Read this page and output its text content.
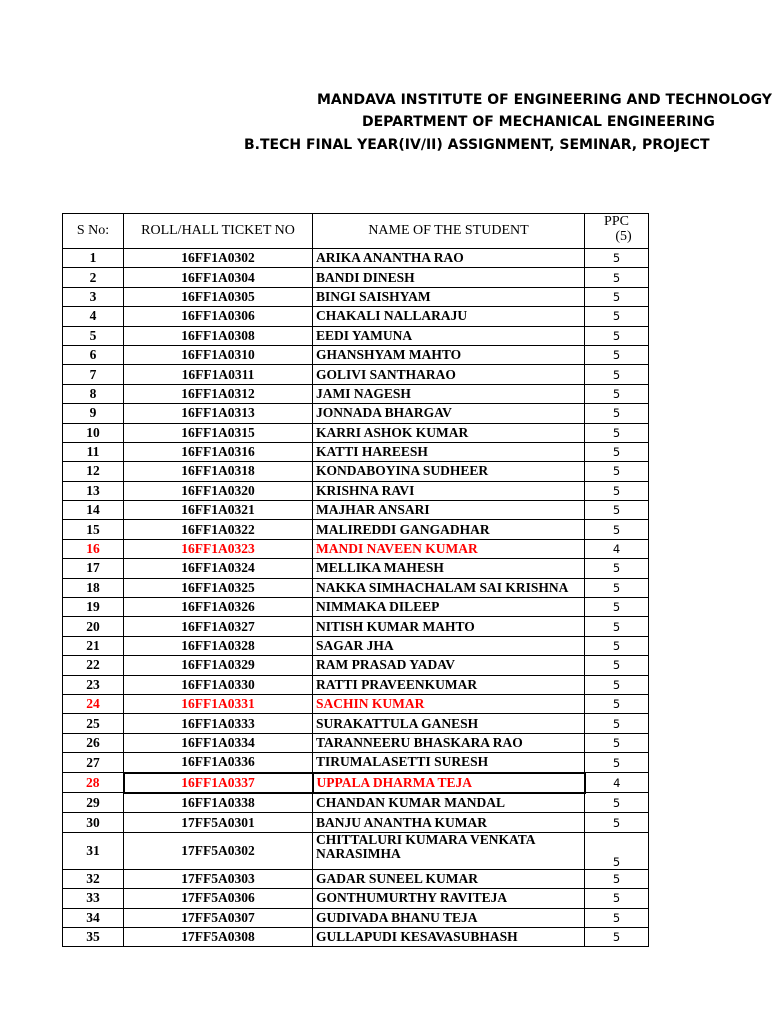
MANDAVA INSTITUTE OF ENGINEERING AND TECHNOLOGY
DEPARTMENT OF MECHANICAL ENGINEERING
B.TECH FINAL YEAR(IV/II) ASSIGNMENT, SEMINAR, PROJECT
S No:	ROLL/HALL TICKET NO	NAME OF THE STUDENT	PPC
(5)
1	16FF1A0302	ARIKA ANANTHA RAO	5
2	16FF1A0304	BANDI DINESH	5
3	16FF1A0305	BINGI SAISHYAM	5
4	16FF1A0306	CHAKALI NALLARAJU	5
5	16FF1A0308	EEDI YAMUNA	5
6	16FF1A0310	GHANSHYAM MAHTO	5
7	16FF1A0311	GOLIVI SANTHARAO	5
8	16FF1A0312	JAMI NAGESH	5
9	16FF1A0313	JONNADA BHARGAV	5
10	16FF1A0315	KARRI ASHOK KUMAR	5
11	16FF1A0316	KATTI HAREESH	5
12	16FF1A0318	KONDABOYINA SUDHEER	5
13	16FF1A0320	KRISHNA RAVI	5
14	16FF1A0321	MAJHAR ANSARI	5
15	16FF1A0322	MALIREDDI GANGADHAR	5
16	16FF1A0323	MANDI NAVEEN KUMAR	4
17	16FF1A0324	MELLIKA MAHESH	5
18	16FF1A0325	NAKKA SIMHACHALAM SAI KRISHNA	5
19	16FF1A0326	NIMMAKA DILEEP	5
20	16FF1A0327	NITISH KUMAR MAHTO	5
21	16FF1A0328	SAGAR JHA	5
22	16FF1A0329	RAM PRASAD YADAV	5
23	16FF1A0330	RATTI PRAVEENKUMAR	5
24	16FF1A0331	SACHIN KUMAR	5
25	16FF1A0333	SURAKATTULA GANESH	5
26	16FF1A0334	TARANNEERU BHASKARA RAO	5
27	16FF1A0336	TIRUMALASETTI SURESH	5
28	16FF1A0337	UPPALA DHARMA TEJA	4
29	16FF1A0338	CHANDAN KUMAR MANDAL	5
30	17FF5A0301	BANJU ANANTHA KUMAR	5
31	17FF5A0302	CHITTALURI KUMARA VENKATA NARASIMHA	5
32	17FF5A0303	GADAR SUNEEL KUMAR	5
33	17FF5A0306	GONTHUMURTHY RAVITEJA	5
34	17FF5A0307	GUDIVADA BHANU TEJA	5
35	17FF5A0308	GULLAPUDI KESAVASUBHASH	5
